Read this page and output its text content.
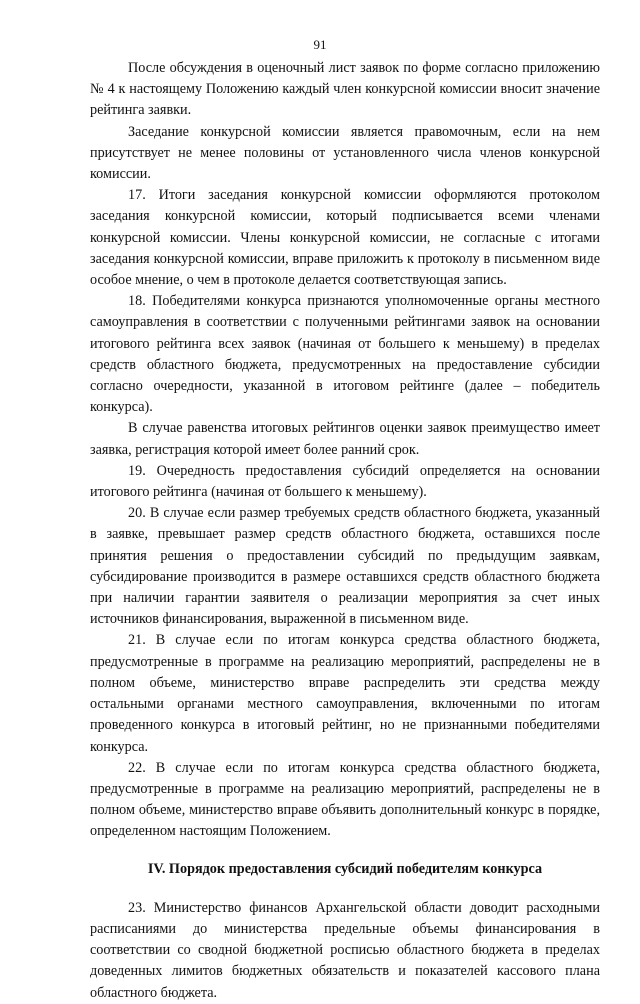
91

После обсуждения в оценочный лист заявок по форме согласно приложению № 4 к настоящему Положению каждый член конкурсной комиссии вносит значение рейтинга заявки.

Заседание конкурсной комиссии является правомочным, если на нем присутствует не менее половины от установленного числа членов конкурсной комиссии.

17. Итоги заседания конкурсной комиссии оформляются протоколом заседания конкурсной комиссии, который подписывается всеми членами конкурсной комиссии. Члены конкурсной комиссии, не согласные с итогами заседания конкурсной комиссии, вправе приложить к протоколу в письменном виде особое мнение, о чем в протоколе делается соответствующая запись.

18. Победителями конкурса признаются уполномоченные органы местного самоуправления в соответствии с полученными рейтингами заявок на основании итогового рейтинга всех заявок (начиная от большего к меньшему) в пределах средств областного бюджета, предусмотренных на предоставление субсидии согласно очередности, указанной в итоговом рейтинге (далее – победитель конкурса).

В случае равенства итоговых рейтингов оценки заявок преимущество имеет заявка, регистрация которой имеет более ранний срок.

19. Очередность предоставления субсидий определяется на основании итогового рейтинга (начиная от большего к меньшему).

20. В случае если размер требуемых средств областного бюджета, указанный в заявке, превышает размер средств областного бюджета, оставшихся после принятия решения о предоставлении субсидий по предыдущим заявкам, субсидирование производится в размере оставшихся средств областного бюджета при наличии гарантии заявителя о реализации мероприятия за счет иных источников финансирования, выраженной в письменном виде.

21. В случае если по итогам конкурса средства областного бюджета, предусмотренные в программе на реализацию мероприятий, распределены не в полном объеме, министерство вправе распределить эти средства между остальными органами местного самоуправления, включенными по итогам проведенного конкурса в итоговый рейтинг, но не признанными победителями конкурса.

22. В случае если по итогам конкурса средства областного бюджета, предусмотренные в программе на реализацию мероприятий, распределены не в полном объеме, министерство вправе объявить дополнительный конкурс в порядке, определенном настоящим Положением.

IV. Порядок предоставления субсидий победителям конкурса

23. Министерство финансов Архангельской области доводит расходными расписаниями до министерства предельные объемы финансирования в соответствии со сводной бюджетной росписью областного бюджета в пределах доведенных лимитов бюджетных обязательств и показателей кассового плана областного бюджета.
